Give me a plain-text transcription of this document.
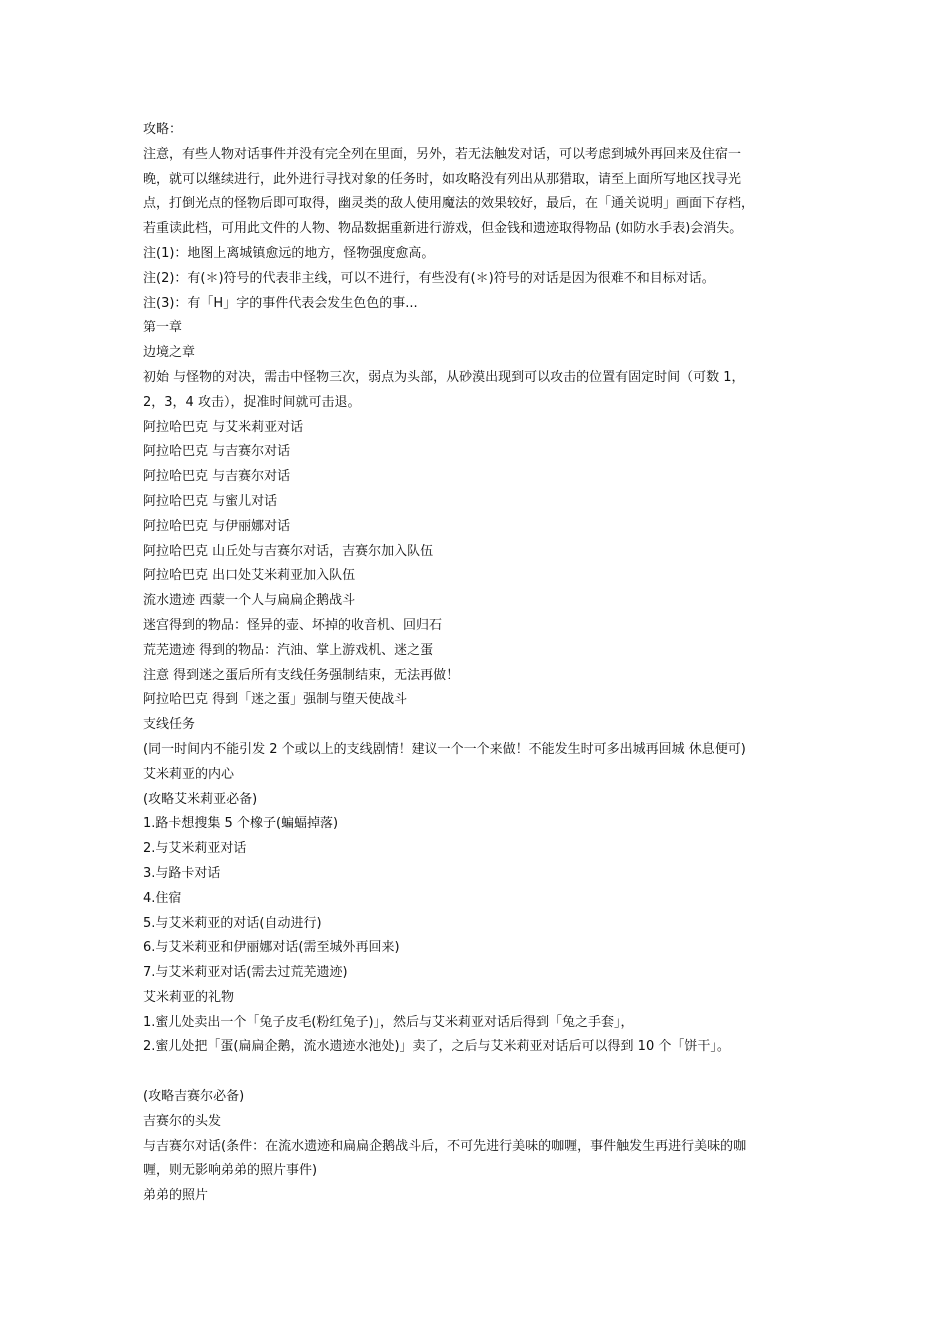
攻略：
注意，有些人物对话事件并没有完全列在里面，另外，若无法触发对话，可以考虑到城外再回来及住宿一
晚，就可以继续进行，此外进行寻找对象的任务时，如攻略没有列出从那猎取，请至上面所写地区找寻光
点，打倒光点的怪物后即可取得，幽灵类的敌人使用魔法的效果较好，最后，在「通关说明」画面下存档，
若重读此档，可用此文件的人物、物品数据重新进行游戏，但金钱和遗迹取得物品 (如防水手表)会消失。
注(1)：地图上离城镇愈远的地方，怪物强度愈高。
注(2)：有(＊)符号的代表非主线，可以不进行，有些没有(＊)符号的对话是因为很难不和目标对话。
注(3)：有「H」字的事件代表会发生色色的事...
第一章
边境之章
初始 与怪物的对决，需击中怪物三次，弱点为头部，从砂漠出现到可以攻击的位置有固定时间（可数 1，
2，3，4 攻击），捉准时间就可击退。
阿拉哈巴克 与艾米莉亚对话
阿拉哈巴克 与吉赛尔对话
阿拉哈巴克 与吉赛尔对话
阿拉哈巴克 与蜜儿对话
阿拉哈巴克 与伊丽娜对话
阿拉哈巴克 山丘处与吉赛尔对话，吉赛尔加入队伍
阿拉哈巴克 出口处艾米莉亚加入队伍
流水遗迹 西蒙一个人与扁扁企鹅战斗
迷宫得到的物品：怪异的壶、坏掉的收音机、回归石
荒芜遗迹 得到的物品：汽油、掌上游戏机、迷之蛋
注意 得到迷之蛋后所有支线任务强制结束，无法再做！
阿拉哈巴克 得到「迷之蛋」强制与堕天使战斗
支线任务
(同一时间内不能引发 2 个或以上的支线剧情！建议一个一个来做！不能发生时可多出城再回城 休息便可)
艾米莉亚的内心
(攻略艾米莉亚必备)
1.路卡想搜集 5 个橡子(蝙蝠掉落)
2.与艾米莉亚对话
3.与路卡对话
4.住宿
5.与艾米莉亚的对话(自动进行)
6.与艾米莉亚和伊丽娜对话(需至城外再回来)
7.与艾米莉亚对话(需去过荒芜遗迹)
艾米莉亚的礼物
1.蜜儿处卖出一个「兔子皮毛(粉红兔子)」，然后与艾米莉亚对话后得到「兔之手套」，
2.蜜儿处把「蛋(扁扁企鹅，流水遗迹水池处)」卖了，之后与艾米莉亚对话后可以得到 10 个「饼干」。
(攻略吉赛尔必备)
吉赛尔的头发
与吉赛尔对话(条件：在流水遗迹和扁扁企鹅战斗后，不可先进行美味的咖喱，事件触发生再进行美味的咖
喱，则无影响弟弟的照片事件)
弟弟的照片
